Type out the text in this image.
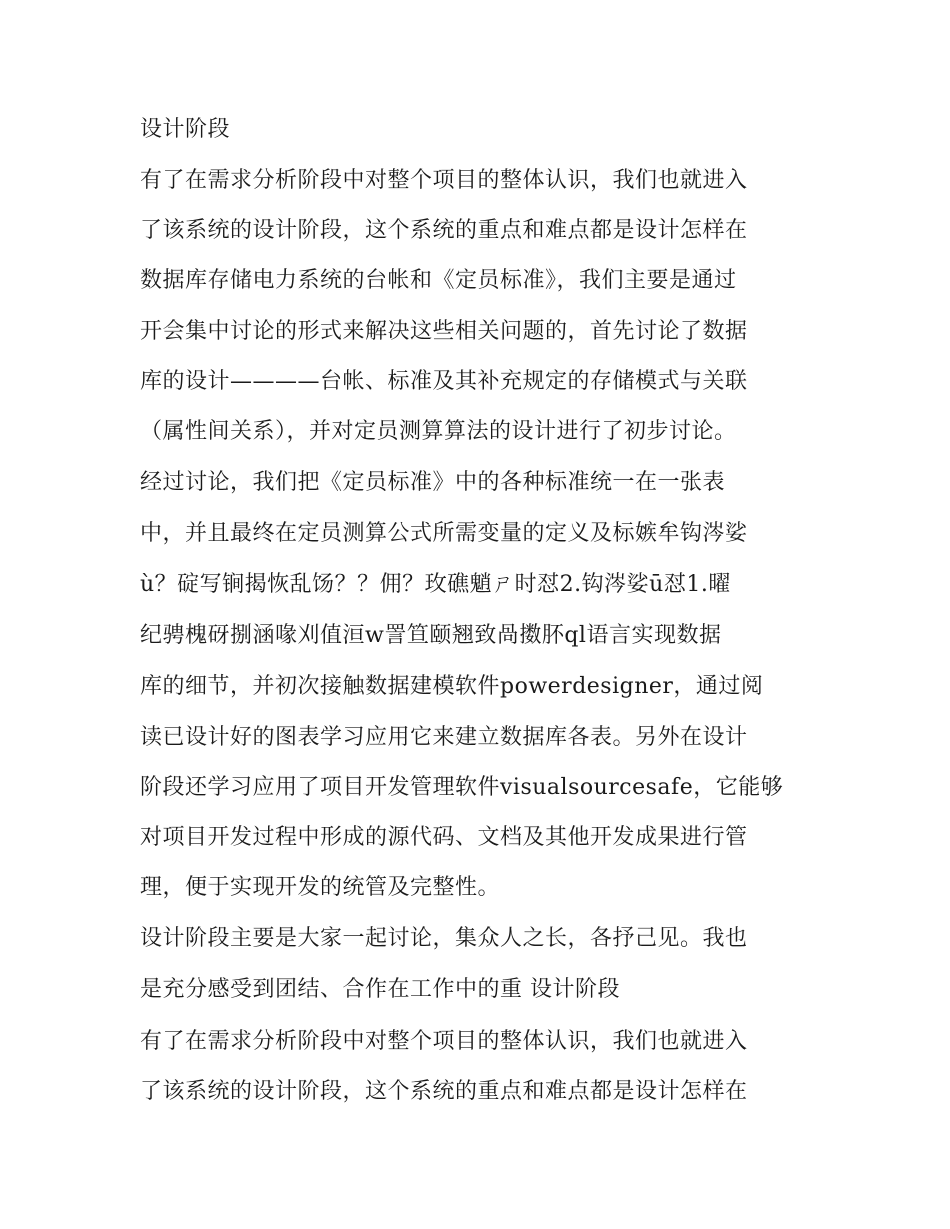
设计阶段
有了在需求分析阶段中对整个项目的整体认识，我们也就进入
了该系统的设计阶段，这个系统的重点和难点都是设计怎样在
数据库存储电力系统的台帐和《定员标准》，我们主要是通过
开会集中讨论的形式来解决这些相关问题的，首先讨论了数据
库的设计————台帐、标准及其补充规定的存储模式与关联
（属性间关系），并对定员测算算法的设计进行了初步讨论。
经过讨论，我们把《定员标准》中的各种标准统一在一张表
中，并且最终在定员测算公式所需变量的定义及标嫉牟钩涔娑
ù？碇写锏揭恢乱饧？？佣？玫礁魈ㄕ时怼2.钩涔娑ū怼1.曜
纪骋槐砑捌涵喙刈值洹w詈笪颐翘致咼擞肧ql语言实现数据
库的细节，并初次接触数据建模软件powerdesigner，通过阅
读已设计好的图表学习应用它来建立数据库各表。另外在设计
阶段还学习应用了项目开发管理软件visualsourcesafe，它能够
对项目开发过程中形成的源代码、文档及其他开发成果进行管
理，便于实现开发的统管及完整性。
设计阶段主要是大家一起讨论，集众人之长，各抒己见。我也
是充分感受到团结、合作在工作中的重 设计阶段
有了在需求分析阶段中对整个项目的整体认识，我们也就进入
了该系统的设计阶段，这个系统的重点和难点都是设计怎样在
